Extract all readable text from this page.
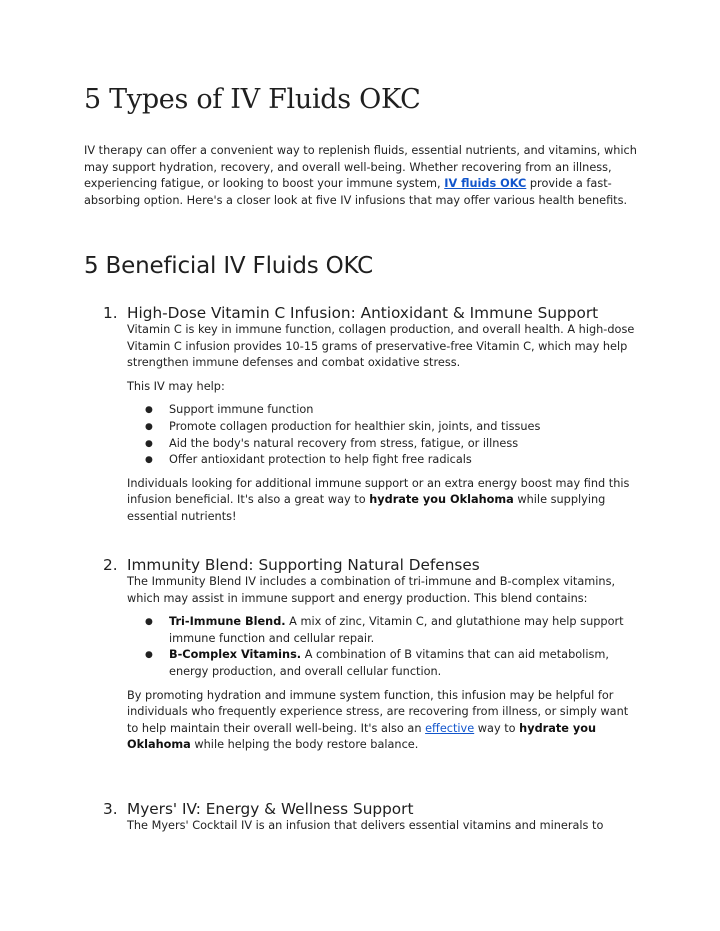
5 Types of IV Fluids OKC

IV therapy can offer a convenient way to replenish fluids, essential nutrients, and vitamins, which may support hydration, recovery, and overall well-being. Whether recovering from an illness, experiencing fatigue, or looking to boost your immune system, IV fluids OKC provide a fast-absorbing option. Here's a closer look at five IV infusions that may offer various health benefits.

5 Beneficial IV Fluids OKC
1. High-Dose Vitamin C Infusion: Antioxidant & Immune Support

Vitamin C is key in immune function, collagen production, and overall health. A high-dose Vitamin C infusion provides 10-15 grams of preservative-free Vitamin C, which may help strengthen immune defenses and combat oxidative stress.

This IV may help:

● Support immune function
● Promote collagen production for healthier skin, joints, and tissues
● Aid the body's natural recovery from stress, fatigue, or illness
● Offer antioxidant protection to help fight free radicals

Individuals looking for additional immune support or an extra energy boost may find this infusion beneficial. It's also a great way to hydrate you Oklahoma while supplying essential nutrients!

2. Immunity Blend: Supporting Natural Defenses

The Immunity Blend IV includes a combination of tri-immune and B-complex vitamins, which may assist in immune support and energy production. This blend contains:

● Tri-Immune Blend. A mix of zinc, Vitamin C, and glutathione may help support immune function and cellular repair.
● B-Complex Vitamins. A combination of B vitamins that can aid metabolism, energy production, and overall cellular function.

By promoting hydration and immune system function, this infusion may be helpful for individuals who frequently experience stress, are recovering from illness, or simply want to help maintain their overall well-being. It's also an effective way to hydrate you Oklahoma while helping the body restore balance.

3. Myers' IV: Energy & Wellness Support

The Myers' Cocktail IV is an infusion that delivers essential vitamins and minerals to
